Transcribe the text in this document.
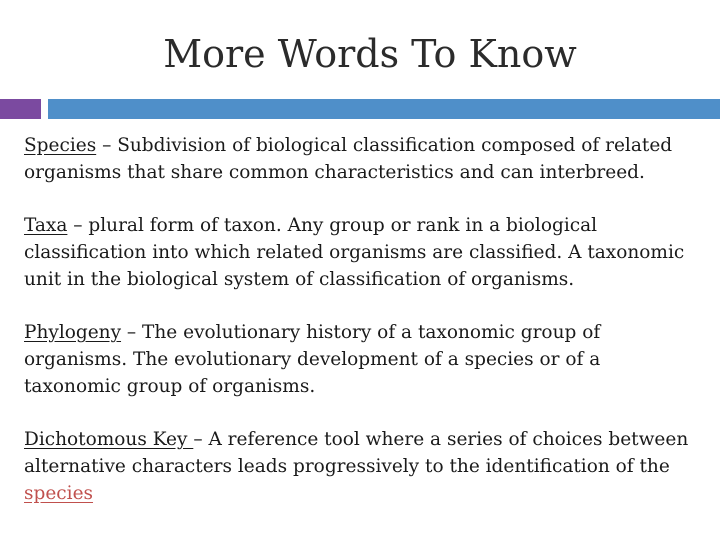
More Words To Know

Species – Subdivision of biological classification composed of related organisms that share common characteristics and can interbreed.

Taxa – plural form of taxon. Any group or rank in a biological classification into which related organisms are classified. A taxonomic unit in the biological system of classification of organisms.

Phylogeny – The evolutionary history of a taxonomic group of organisms. The evolutionary development of a species or of a taxonomic group of organisms.

Dichotomous Key – A reference tool where a series of choices between alternative characters leads progressively to the identification of the species
